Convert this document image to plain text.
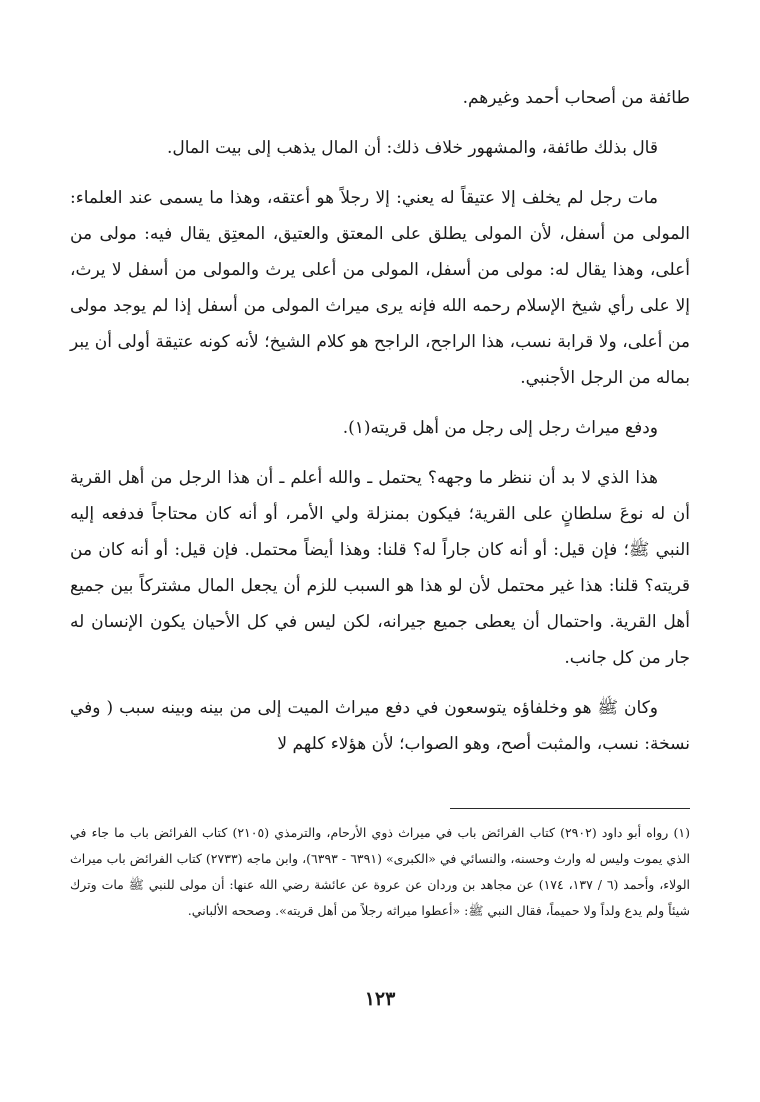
طائفة من أصحاب أحمد وغيرهم.

قال بذلك طائفة، والمشهور خلاف ذلك: أن المال يذهب إلى بيت المال.

مات رجل لم يخلف إلا عتيقاً له يعني: إلا رجلاً هو أعتقه، وهذا ما يسمى عند العلماء: المولى من أسفل، لأن المولى يطلق على المعتق والعتيق، المعتِق يقال فيه: مولى من أعلى، وهذا يقال له: مولى من أسفل، المولى من أعلى يرث والمولى من أسفل لا يرث، إلا على رأي شيخ الإسلام رحمه الله فإنه يرى ميراث المولى من أسفل إذا لم يوجد مولى من أعلى، ولا قرابة نسب، هذا الراجح، الراجح هو كلام الشيخ؛ لأنه كونه عتيقة أولى أن يبر بماله من الرجل الأجنبي.

ودفع ميراث رجل إلى رجل من أهل قريته(١).

هذا الذي لا بد أن ننظر ما وجهه؟ يحتمل ـ والله أعلم ـ أن هذا الرجل من أهل القرية أن له نوعَ سلطانٍ على القرية؛ فيكون بمنزلة ولي الأمر، أو أنه كان محتاجاً فدفعه إليه النبي ﷺ؛ فإن قيل: أو أنه كان جاراً له؟ قلنا: وهذا أيضاً محتمل. فإن قيل: أو أنه كان من قريته؟ قلنا: هذا غير محتمل لأن لو هذا هو السبب للزم أن يجعل المال مشتركاً بين جميع أهل القرية. واحتمال أن يعطى جميع جيرانه، لكن ليس في كل الأحيان يكون الإنسان له جار من كل جانب.

وكان ﷺ هو وخلفاؤه يتوسعون في دفع ميراث الميت إلى من بينه وبينه سبب ( وفي نسخة: نسب، والمثبت أصح، وهو الصواب؛ لأن هؤلاء كلهم لا

(١) رواه أبو داود (٢٩٠٢) كتاب الفرائض باب في ميراث ذوي الأرحام، والترمذي (٢١٠٥) كتاب الفرائض باب ما جاء في الذي يموت وليس له وارث وحسنه، والنسائي في «الكبرى» (٦٣٩١ - ٦٣٩٣)، وابن ماجه (٢٧٣٣) كتاب الفرائض باب ميراث الولاء، وأحمد (٦ / ١٣٧، ١٧٤) عن مجاهد بن وردان عن عروة عن عائشة رضي الله عنها: أن مولى للنبي ﷺ مات وترك شيئاً ولم يدع ولداً ولا حميماً، فقال النبي ﷺ: «أعطوا ميراثه رجلاً من أهل قريته». وصححه الألباني.

١٢٣
